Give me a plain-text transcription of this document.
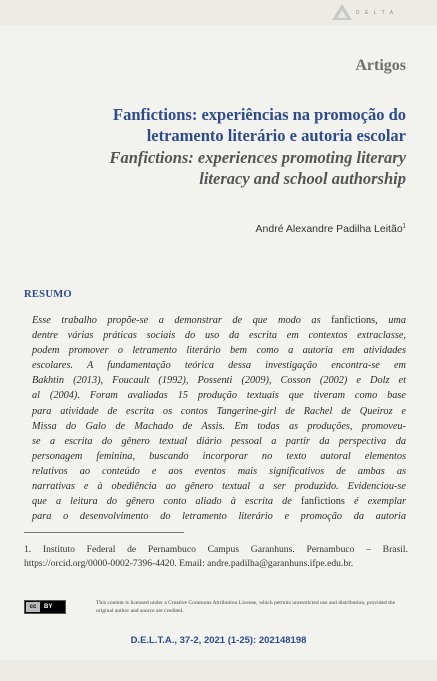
D E L T A
Artigos
Fanfictions: experiências na promoção do
letramento literário e autoria escolar
Fanfictions: experiences promoting literary
literacy and school authorship
André Alexandre Padilha Leitão$^1$
RESUMO
Esse trabalho propõe-se a demonstrar de que modo as fanfictions, uma
dentre várias práticas sociais do uso da escrita em contextos extraclasse,
podem promover o letramento literário bem como a autoria em atividades
escolares. A fundamentação teórica dessa investigação encontra-se em
Bakhtin (2013), Foucault (1992), Possenti (2009), Cosson (2002) e Dolz et
al (2004). Foram avaliadas 15 produção textuais que tiveram como base
para atividade de escrita os contos Tangerine-girl de Rachel de Queiroz e
Missa do Galo de Machado de Assis. Em todas as produções, promoveu-
se a escrita do gênero textual diário pessoal a partir da perspectiva da
personagem feminina, buscando incorporar no texto autoral elementos
relativos ao conteúdo e aos eventos mais significativos de ambas as
narrativas e à obediência ao gênero textual a ser produzido. Evidenciou-se
que a leitura do gênero conto aliado à escrita de fanfictions é exemplar
para o desenvolvimento do letramento literário e promoção da autoria
1. Instituto Federal de Pernambuco Campus Garanhuns. Pernambuco – Brasil. https://orcid.org/0000-0002-7396-4420. Email: andre.padilha@garanhuns.ifpe.edu.br.
cc	BY
This content is licensed under a Creative Commons Attribution License, which permits unrestricted use and distribution, provided the original author and source are credited.
D.E.L.T.A., 37-2, 2021 (1-25): 202148198
